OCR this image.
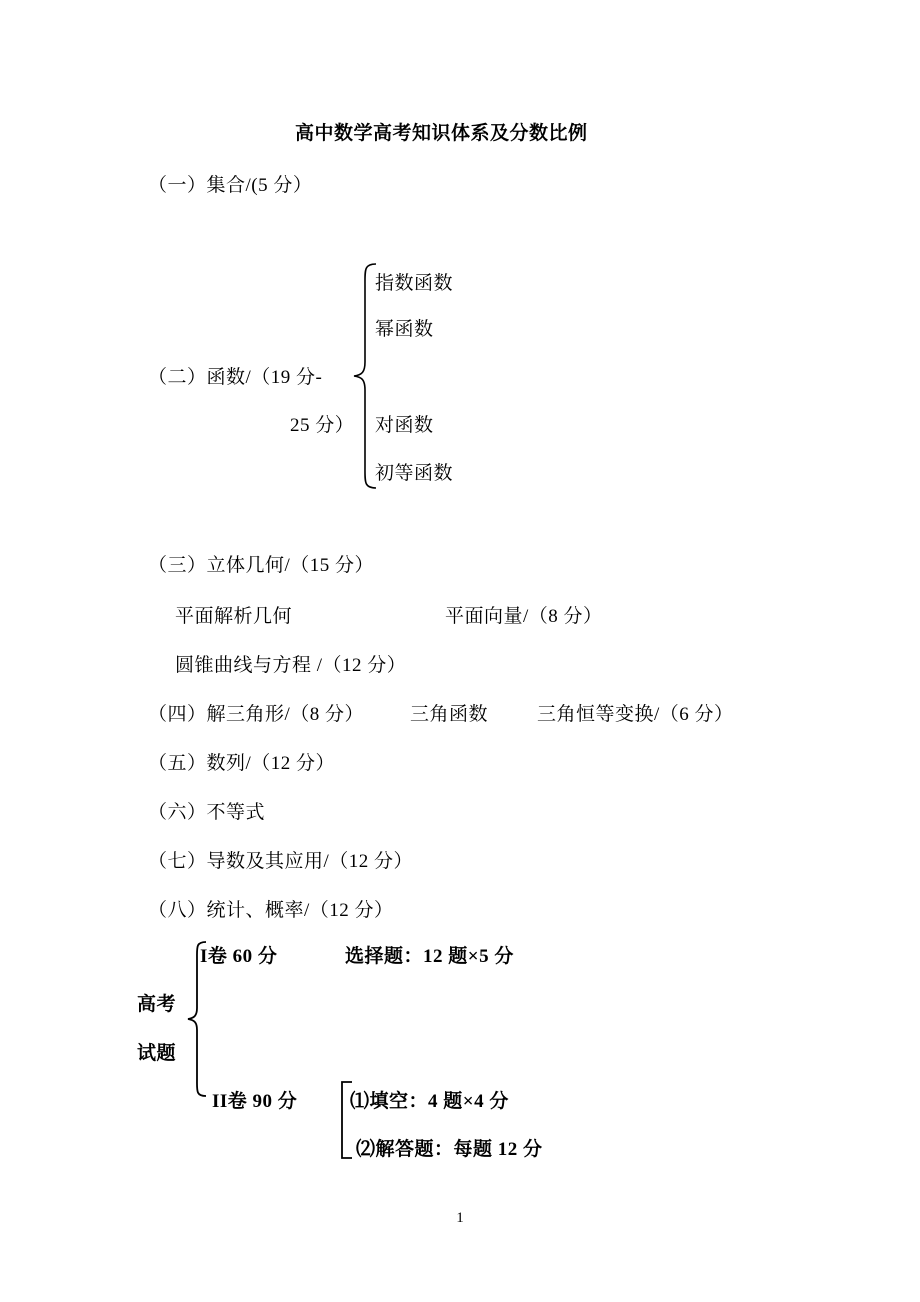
高中数学高考知识体系及分数比例
（一）集合/(5 分）
（二）函数/（19 分-
25 分）
指数函数
幂函数
对函数
初等函数
（三）立体几何/（15 分）
平面解析几何	平面向量/（8 分）
圆锥曲线与方程 /（12 分）
（四）解三角形/（8 分） 三角函数	三角恒等变换/（6 分）
（五）数列/（12 分）
（六）不等式
（七）导数及其应用/（12 分）
（八）统计、概率/（12 分）
高考
试题
I卷 60 分	选择题：12 题×5 分
II卷 90 分	⑴填空：4 题×4 分
⑵解答题：每题 12 分
1
